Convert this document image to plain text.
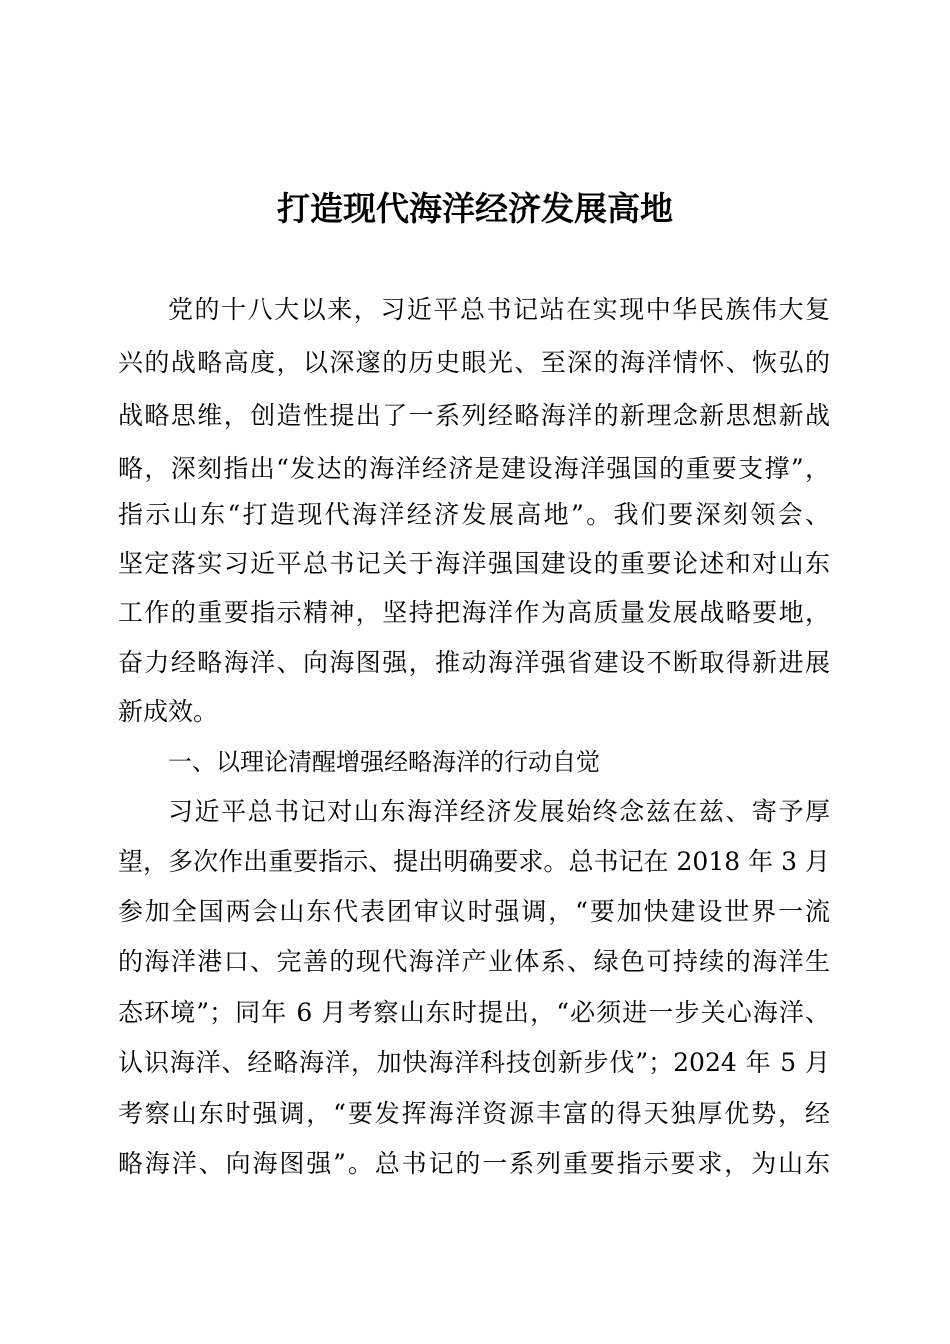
打造现代海洋经济发展高地
党的十八大以来，习近平总书记站在实现中华民族伟大复
兴的战略高度，以深邃的历史眼光、至深的海洋情怀、恢弘的
战略思维，创造性提出了一系列经略海洋的新理念新思想新战
略，深刻指出“发达的海洋经济是建设海洋强国的重要支撑”，
指示山东“打造现代海洋经济发展高地”。我们要深刻领会、
坚定落实习近平总书记关于海洋强国建设的重要论述和对山东
工作的重要指示精神，坚持把海洋作为高质量发展战略要地，
奋力经略海洋、向海图强，推动海洋强省建设不断取得新进展
新成效。
一、以理论清醒增强经略海洋的行动自觉
习近平总书记对山东海洋经济发展始终念兹在兹、寄予厚
望，多次作出重要指示、提出明确要求。总书记在 2018 年 3 月
参加全国两会山东代表团审议时强调，“要加快建设世界一流
的海洋港口、完善的现代海洋产业体系、绿色可持续的海洋生
态环境”；同年 6 月考察山东时提出，“必须进一步关心海洋、
认识海洋、经略海洋，加快海洋科技创新步伐”；2024 年 5 月
考察山东时强调，“要发挥海洋资源丰富的得天独厚优势，经
略海洋、向海图强”。总书记的一系列重要指示要求，为山东
